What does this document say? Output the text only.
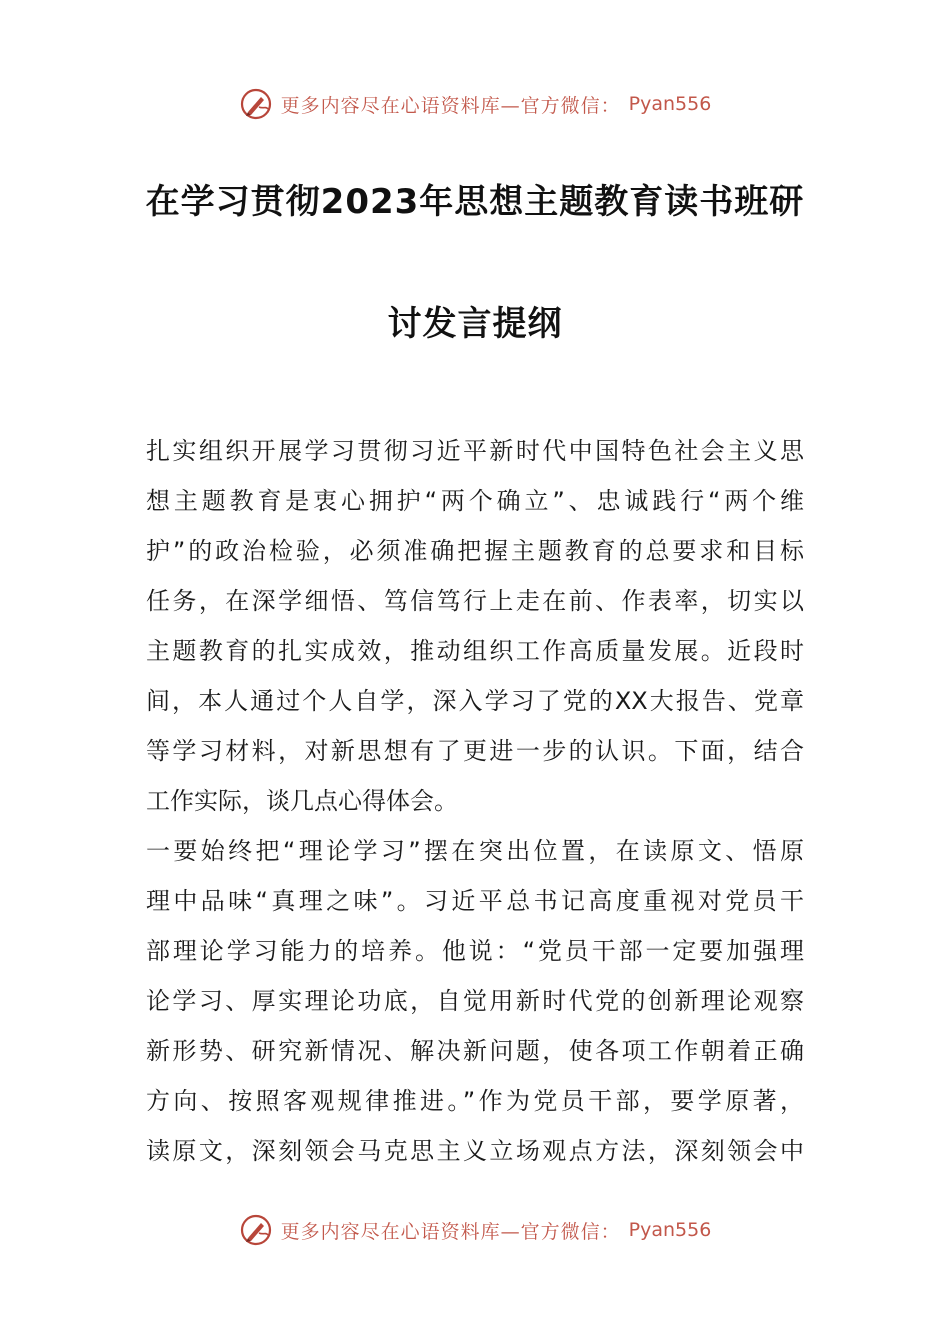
更多内容尽在心语资料库—官方微信： Pyan556
在学习贯彻2023年思想主题教育读书班研
讨发言提纲
扎实组织开展学习贯彻习近平新时代中国特色社会主义思
想主题教育是衷心拥护“两个确立”、忠诚践行“两个维
护”的政治检验，必须准确把握主题教育的总要求和目标
任务，在深学细悟、笃信笃行上走在前、作表率，切实以
主题教育的扎实成效，推动组织工作高质量发展。近段时
间，本人通过个人自学，深入学习了党的XX大报告、党章
等学习材料，对新思想有了更进一步的认识。下面，结合
工作实际，谈几点心得体会。
一要始终把“理论学习”摆在突出位置，在读原文、悟原
理中品味“真理之味”。习近平总书记高度重视对党员干
部理论学习能力的培养。他说：“党员干部一定要加强理
论学习、厚实理论功底，自觉用新时代党的创新理论观察
新形势、研究新情况、解决新问题，使各项工作朝着正确
方向、按照客观规律推进。”作为党员干部，要学原著，
读原文，深刻领会马克思主义立场观点方法，深刻领会中
更多内容尽在心语资料库—官方微信： Pyan556
